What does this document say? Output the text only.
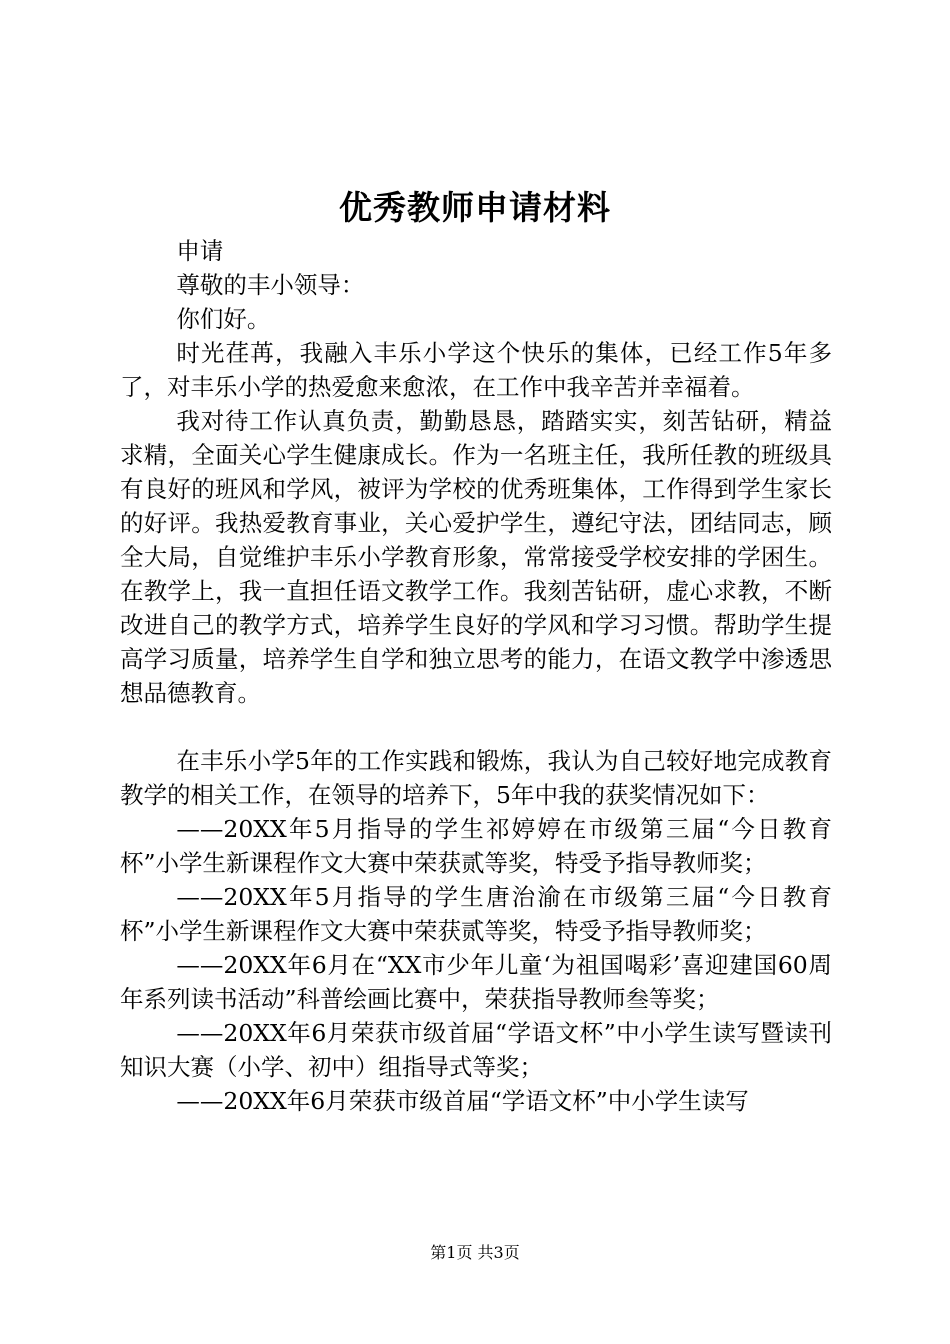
优秀教师申请材料

申请

尊敬的丰小领导：

你们好。

时光荏苒，我融入丰乐小学这个快乐的集体，已经工作5年多了，对丰乐小学的热爱愈来愈浓，在工作中我辛苦并幸福着。

我对待工作认真负责，勤勤恳恳，踏踏实实，刻苦钻研，精益求精，全面关心学生健康成长。作为一名班主任，我所任教的班级具有良好的班风和学风，被评为学校的优秀班集体，工作得到学生家长的好评。我热爱教育事业，关心爱护学生，遵纪守法，团结同志，顾全大局，自觉维护丰乐小学教育形象，常常接受学校安排的学困生。在教学上，我一直担任语文教学工作。我刻苦钻研，虚心求教，不断改进自己的教学方式，培养学生良好的学风和学习习惯。帮助学生提高学习质量，培养学生自学和独立思考的能力，在语文教学中渗透思想品德教育。

在丰乐小学5年的工作实践和锻炼，我认为自己较好地完成教育教学的相关工作，在领导的培养下，5年中我的获奖情况如下：

——20XX年5月指导的学生祁婷婷在市级第三届“今日教育杯”小学生新课程作文大赛中荣获贰等奖，特受予指导教师奖；

——20XX年5月指导的学生唐治渝在市级第三届“今日教育杯”小学生新课程作文大赛中荣获贰等奖，特受予指导教师奖；

——20XX年6月在“XX市少年儿童‘为祖国喝彩’喜迎建国60周年系列读书活动”科普绘画比赛中，荣获指导教师叁等奖；

——20XX年6月荣获市级首届“学语文杯”中小学生读写暨读刊知识大赛（小学、初中）组指导式等奖；

——20XX年6月荣获市级首届“学语文杯”中小学生读写

第1页 共3页
